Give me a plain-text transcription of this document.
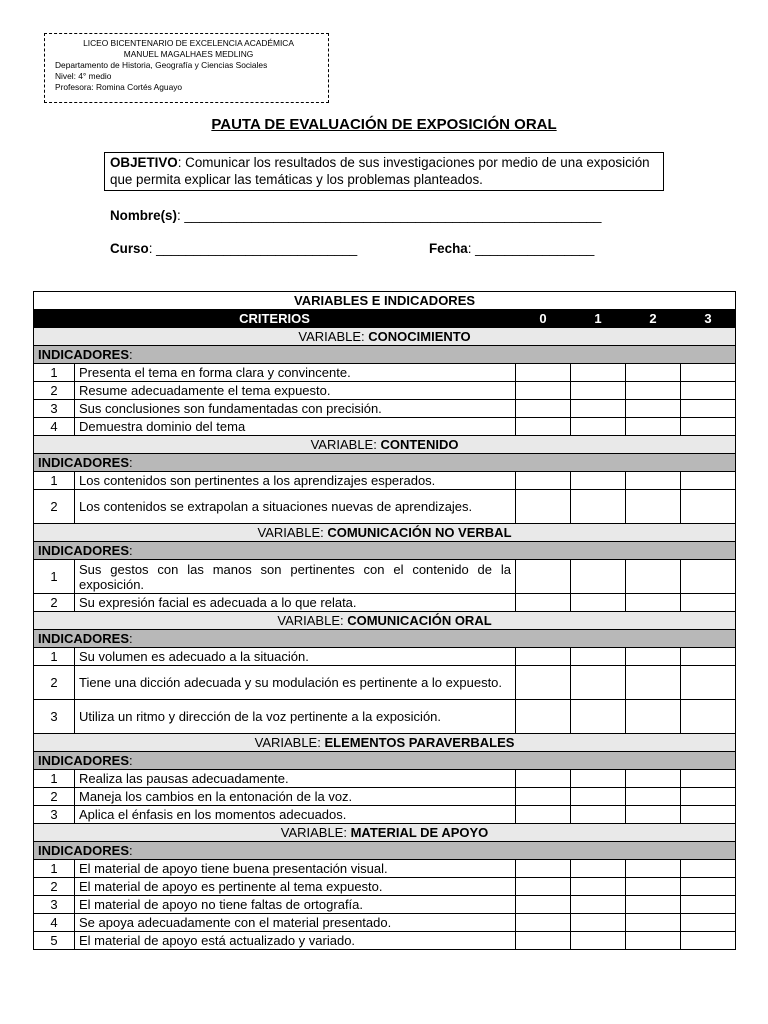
LICEO BICENTENARIO DE EXCELENCIA ACADÉMICA
MANUEL MAGALHAES MEDLING
Departamento de Historia, Geografía y Ciencias Sociales
Nivel: 4° medio
Profesora: Romina Cortés Aguayo
PAUTA DE EVALUACIÓN DE EXPOSICIÓN ORAL
OBJETIVO: Comunicar los resultados de sus investigaciones por medio de una exposición que permita explicar las temáticas y los problemas planteados.
Nombre(s): ________________________________________________________
Curso: ___________________________	Fecha: ________________
VARIABLES E INDICADORES					
CRITERIOS		0	1	2	3
VARIABLE: CONOCIMIENTO					
INDICADORES:					
1	Presenta el tema en forma clara y convincente.				
2	Resume adecuadamente el tema expuesto.				
3	Sus conclusiones son fundamentadas con precisión.				
4	Demuestra dominio del tema				
VARIABLE: CONTENIDO					
INDICADORES:					
1	Los contenidos son pertinentes a los aprendizajes esperados.				
2	Los contenidos se extrapolan a situaciones nuevas de aprendizajes.				
VARIABLE: COMUNICACIÓN NO VERBAL					
INDICADORES:					
1	Sus gestos con las manos son pertinentes con el contenido de la exposición.				
2	Su expresión facial es adecuada a lo que relata.				
VARIABLE: COMUNICACIÓN ORAL					
INDICADORES:					
1	Su volumen es adecuado a la situación.				
2	Tiene una dicción adecuada y su modulación es pertinente a lo expuesto.				
3	Utiliza un ritmo y dirección de la voz pertinente a la exposición.				
VARIABLE: ELEMENTOS PARAVERBALES					
INDICADORES:					
1	Realiza las pausas adecuadamente.				
2	Maneja los cambios en la entonación de la voz.				
3	Aplica el énfasis en los momentos adecuados.				
VARIABLE: MATERIAL DE APOYO					
INDICADORES:					
1	El material de apoyo tiene buena presentación visual.				
2	El material de apoyo es pertinente al tema expuesto.				
3	El material de apoyo no tiene faltas de ortografía.				
4	Se apoya adecuadamente con el material presentado.				
5	El material de apoyo está actualizado y variado.				
